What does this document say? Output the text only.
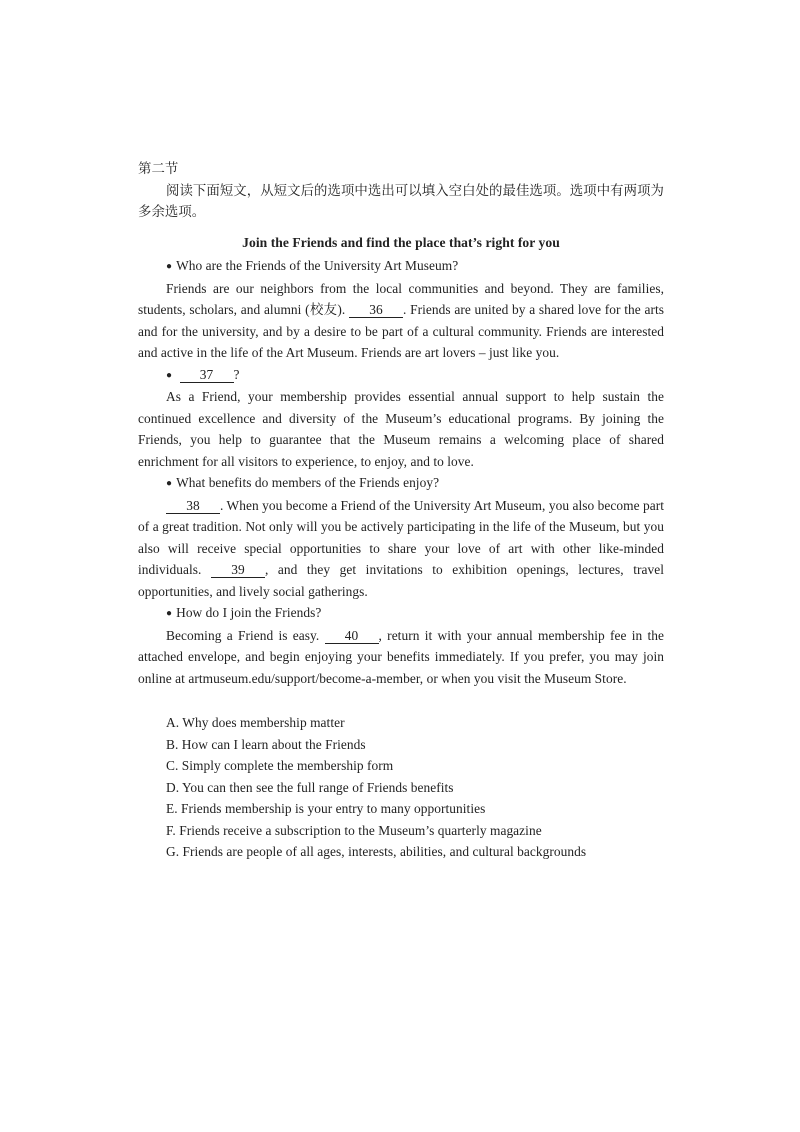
第二节

阅读下面短文，从短文后的选项中选出可以填入空白处的最佳选项。选项中有两项为多余选项。

Join the Friends and find the place that’s right for you

● Who are the Friends of the University Art Museum?

Friends are our neighbors from the local communities and beyond. They are families, students, scholars, and alumni (校友). 36 . Friends are united by a shared love for the arts and for the university, and by a desire to be part of a cultural community. Friends are interested and active in the life of the Art Museum. Friends are art lovers – just like you.

● 37 ?

As a Friend, your membership provides essential annual support to help sustain the continued excellence and diversity of the Museum’s educational programs. By joining the Friends, you help to guarantee that the Museum remains a welcoming place of shared enrichment for all visitors to experience, to enjoy, and to love.

● What benefits do members of the Friends enjoy?

38 . When you become a Friend of the University Art Museum, you also become part of a great tradition. Not only will you be actively participating in the life of the Museum, but you also will receive special opportunities to share your love of art with other like-minded individuals. 39 , and they get invitations to exhibition openings, lectures, travel opportunities, and lively social gatherings.

● How do I join the Friends?

Becoming a Friend is easy. 40 , return it with your annual membership fee in the attached envelope, and begin enjoying your benefits immediately. If you prefer, you may join online at artmuseum.edu/support/become-a-member, or when you visit the Museum Store.

A. Why does membership matter

B. How can I learn about the Friends

C. Simply complete the membership form

D. You can then see the full range of Friends benefits

E. Friends membership is your entry to many opportunities

F. Friends receive a subscription to the Museum’s quarterly magazine

G. Friends are people of all ages, interests, abilities, and cultural backgrounds
